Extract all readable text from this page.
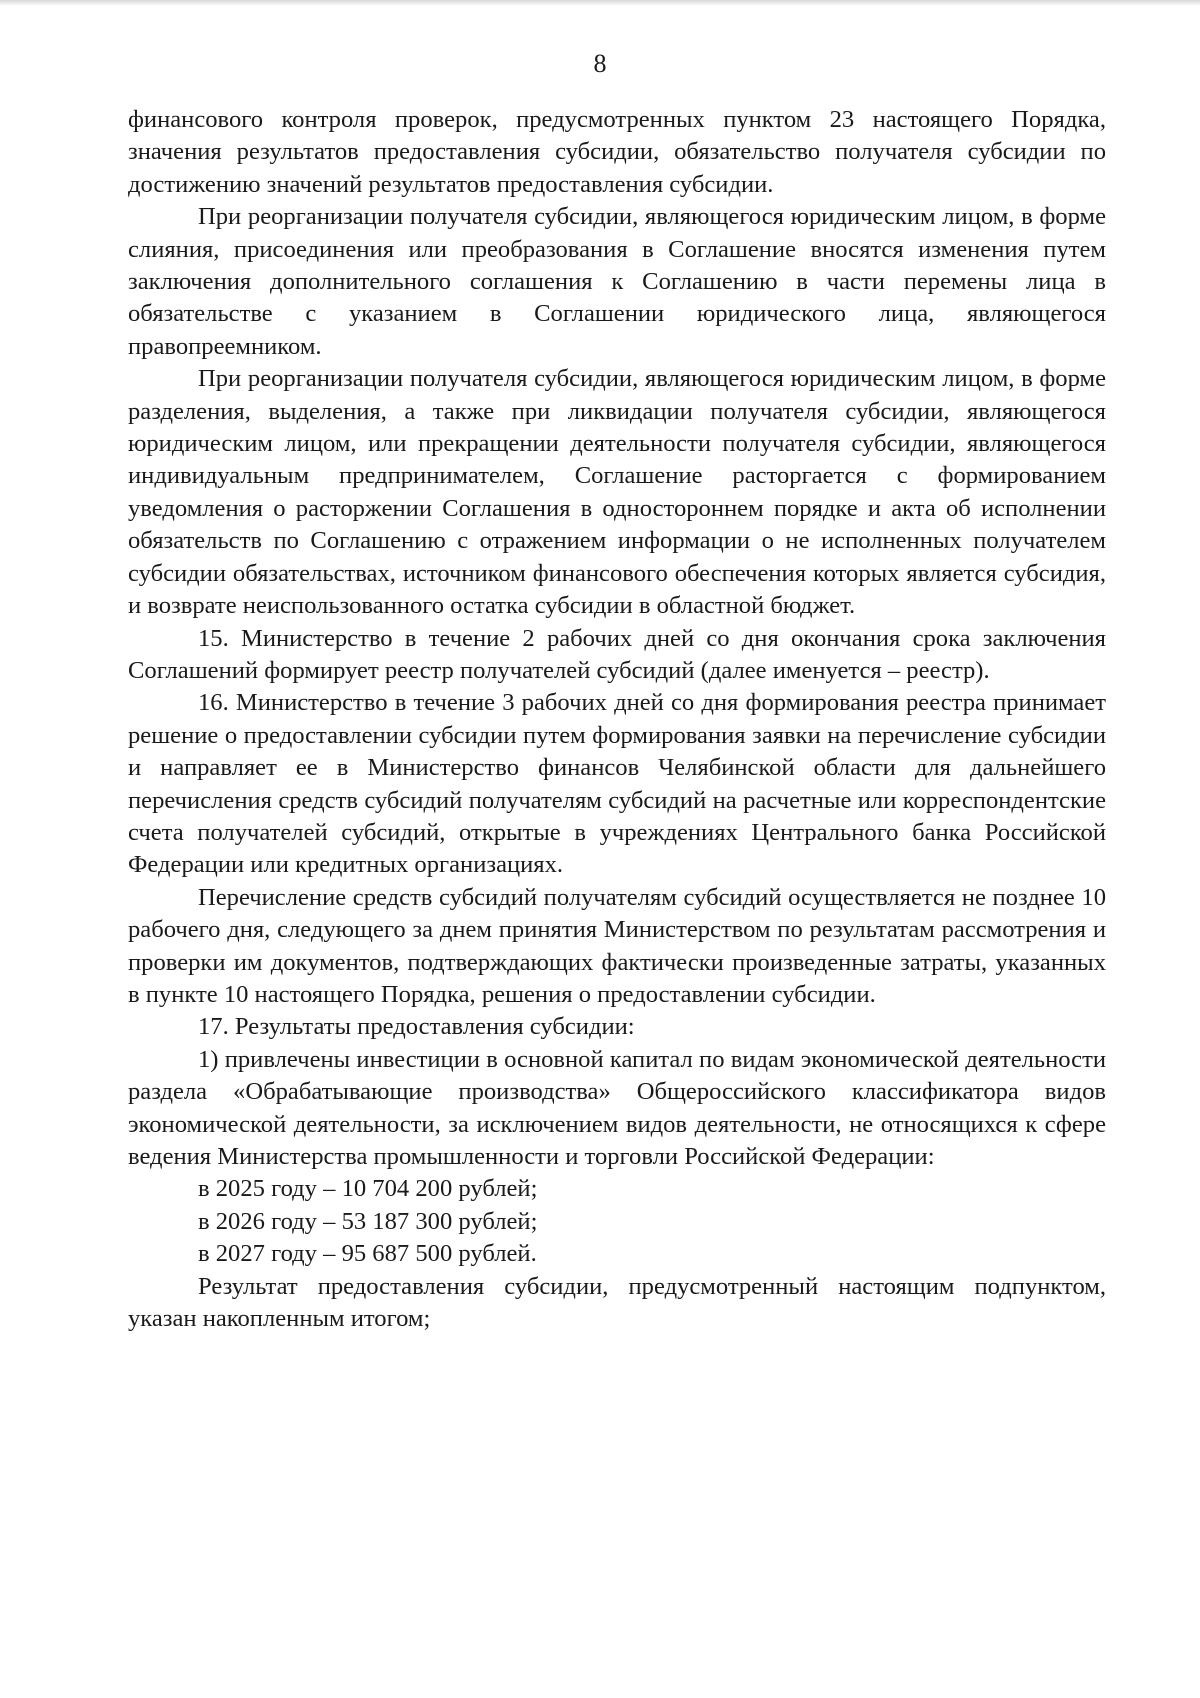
8

финансового контроля проверок, предусмотренных пунктом 23 настоящего Порядка, значения результатов предоставления субсидии, обязательство получателя субсидии по достижению значений результатов предоставления субсидии.

При реорганизации получателя субсидии, являющегося юридическим лицом, в форме слияния, присоединения или преобразования в Соглашение вносятся изменения путем заключения дополнительного соглашения к Соглашению в части перемены лица в обязательстве с указанием в Соглашении юридического лица, являющегося правопреемником.

При реорганизации получателя субсидии, являющегося юридическим лицом, в форме разделения, выделения, а также при ликвидации получателя субсидии, являющегося юридическим лицом, или прекращении деятельности получателя субсидии, являющегося индивидуальным предпринимателем, Соглашение расторгается с формированием уведомления о расторжении Соглашения в одностороннем порядке и акта об исполнении обязательств по Соглашению с отражением информации о не исполненных получателем субсидии обязательствах, источником финансового обеспечения которых является субсидия, и возврате неиспользованного остатка субсидии в областной бюджет.

15. Министерство в течение 2 рабочих дней со дня окончания срока заключения Соглашений формирует реестр получателей субсидий (далее именуется – реестр).

16. Министерство в течение 3 рабочих дней со дня формирования реестра принимает решение о предоставлении субсидии путем формирования заявки на перечисление субсидии и направляет ее в Министерство финансов Челябинской области для дальнейшего перечисления средств субсидий получателям субсидий на расчетные или корреспондентские счета получателей субсидий, открытые в учреждениях Центрального банка Российской Федерации или кредитных организациях.

Перечисление средств субсидий получателям субсидий осуществляется не позднее 10 рабочего дня, следующего за днем принятия Министерством по результатам рассмотрения и проверки им документов, подтверждающих фактически произведенные затраты, указанных в пункте 10 настоящего Порядка, решения о предоставлении субсидии.

17. Результаты предоставления субсидии:

1) привлечены инвестиции в основной капитал по видам экономической деятельности раздела «Обрабатывающие производства» Общероссийского классификатора видов экономической деятельности, за исключением видов деятельности, не относящихся к сфере ведения Министерства промышленности и торговли Российской Федерации:

в 2025 году – 10 704 200 рублей;

в 2026 году – 53 187 300 рублей;

в 2027 году – 95 687 500 рублей.

Результат предоставления субсидии, предусмотренный настоящим подпунктом, указан накопленным итогом;
